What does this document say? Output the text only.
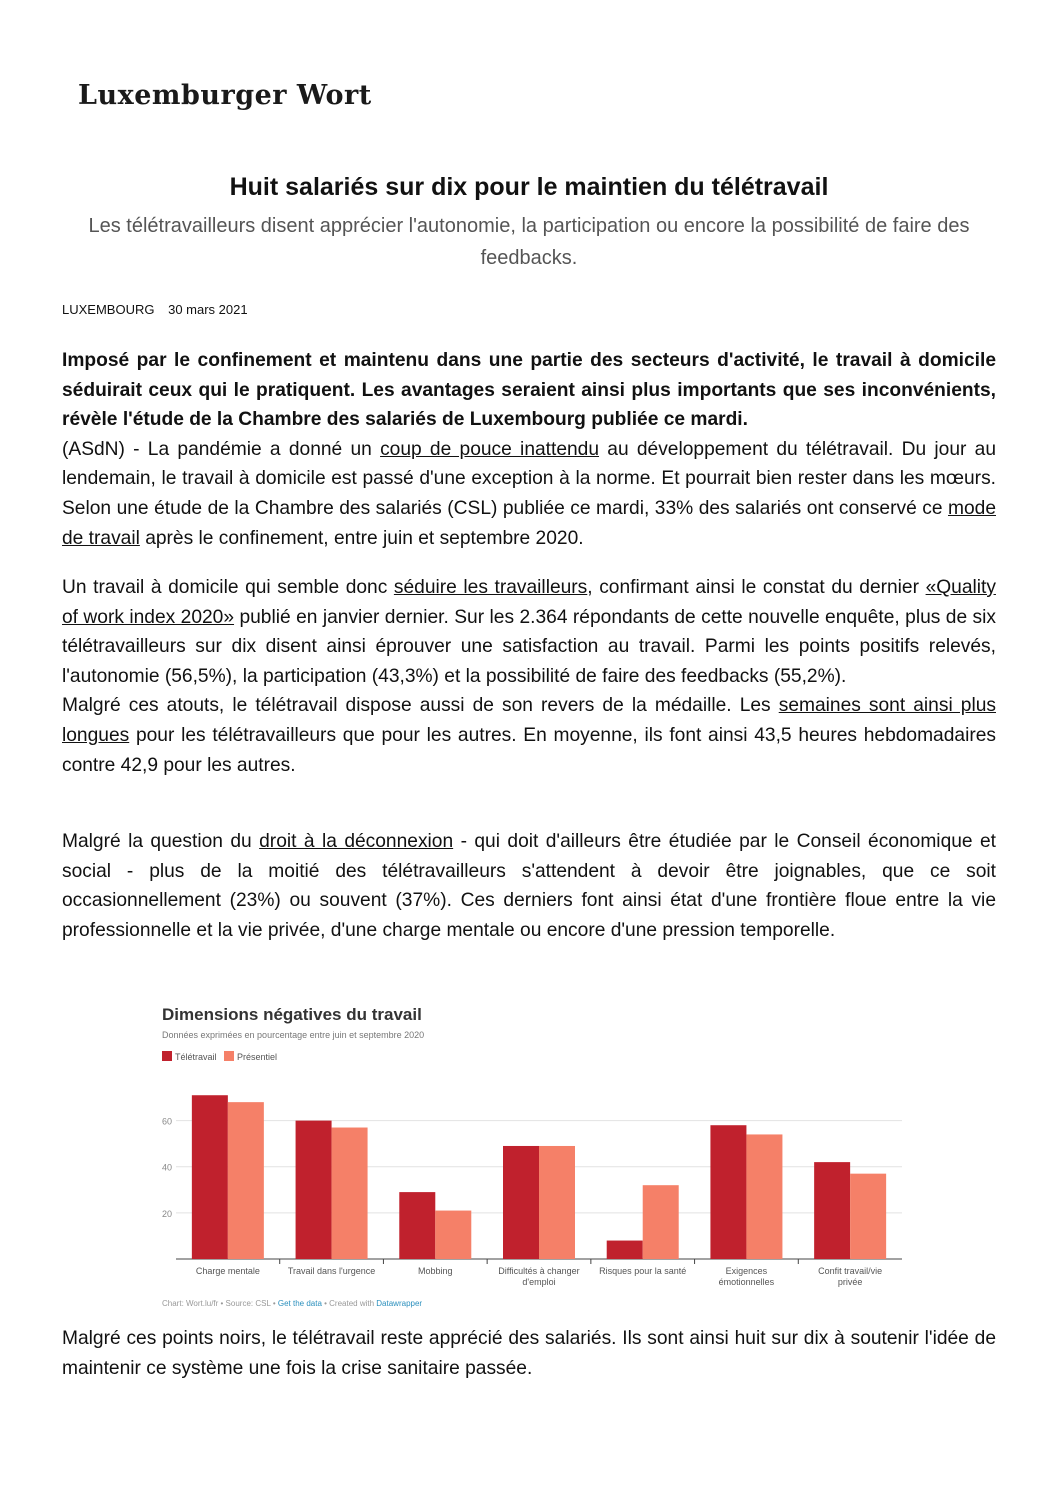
Luxemburger Wort
Huit salariés sur dix pour le maintien du télétravail
Les télétravailleurs disent apprécier l'autonomie, la participation ou encore la possibilité de faire des feedbacks.
LUXEMBOURG 30 mars 2021

Imposé par le confinement et maintenu dans une partie des secteurs d'activité, le travail à domicile séduirait ceux qui le pratiquent. Les avantages seraient ainsi plus importants que ses inconvénients, révèle l'étude de la Chambre des salariés de Luxembourg publiée ce mardi.

(ASdN) - La pandémie a donné un coup de pouce inattendu au développement du télétravail. Du jour au lendemain, le travail à domicile est passé d'une exception à la norme. Et pourrait bien rester dans les mœurs. Selon une étude de la Chambre des salariés (CSL) publiée ce mardi, 33% des salariés ont conservé ce mode de travail après le confinement, entre juin et septembre 2020.

Un travail à domicile qui semble donc séduire les travailleurs, confirmant ainsi le constat du dernier «Quality of work index 2020» publié en janvier dernier. Sur les 2.364 répondants de cette nouvelle enquête, plus de six télétravailleurs sur dix disent ainsi éprouver une satisfaction au travail. Parmi les points positifs relevés, l'autonomie (56,5%), la participation (43,3%) et la possibilité de faire des feedbacks (55,2%).

Malgré ces atouts, le télétravail dispose aussi de son revers de la médaille. Les semaines sont ainsi plus longues pour les télétravailleurs que pour les autres. En moyenne, ils font ainsi 43,5 heures hebdomadaires contre 42,9 pour les autres.

Malgré la question du droit à la déconnexion - qui doit d'ailleurs être étudiée par le Conseil économique et social - plus de la moitié des télétravailleurs s'attendent à devoir être joignables, que ce soit occasionnellement (23%) ou souvent (37%). Ces derniers font ainsi état d'une frontière floue entre la vie professionnelle et la vie privée, d'une charge mentale ou encore d'une pression temporelle.

Dimensions négatives du travail
Données exprimées en pourcentage entre juin et septembre 2020
Télétravail Présentiel
20
40
60
Charge mentale	Travail dans l'urgence	Mobbing	Difficultés à changer
d'emploi
Risques pour la santé	Exigences
émotionnelles
Confit travail/vie
privée
Chart: Wort.lu/fr • Source: CSL • Get the data • Created with Datawrapper

Malgré ces points noirs, le télétravail reste apprécié des salariés. Ils sont ainsi huit sur dix à soutenir l'idée de maintenir ce système une fois la crise sanitaire passée.
